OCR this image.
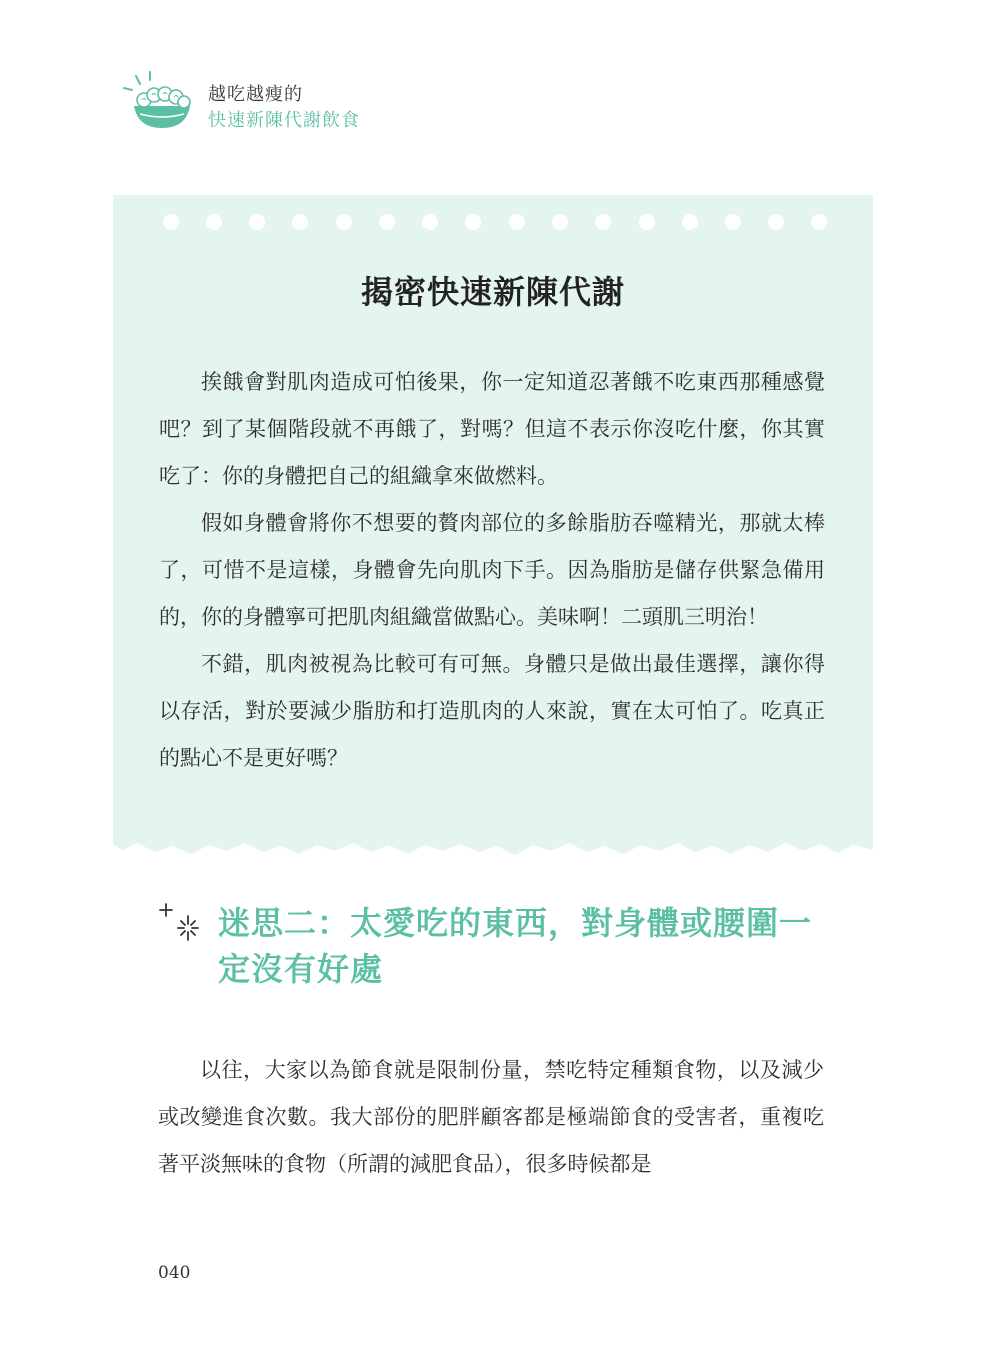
越吃越瘦的
快速新陳代謝飲食
揭密快速新陳代謝

挨餓會對肌肉造成可怕後果，你一定知道忍著餓不吃東西那種感覺吧？到了某個階段就不再餓了，對嗎？但這不表示你沒吃什麼，你其實吃了：你的身體把自己的組織拿來做燃料。

假如身體會將你不想要的贅肉部位的多餘脂肪吞噬精光，那就太棒了，可惜不是這樣，身體會先向肌肉下手。因為脂肪是儲存供緊急備用的，你的身體寧可把肌肉組織當做點心。美味啊！二頭肌三明治！

不錯，肌肉被視為比較可有可無。身體只是做出最佳選擇，讓你得以存活，對於要減少脂肪和打造肌肉的人來說，實在太可怕了。吃真正的點心不是更好嗎？

迷思二：太愛吃的東西，對身體或腰圍一定沒有好處

以往，大家以為節食就是限制份量，禁吃特定種類食物，以及減少或改變進食次數。我大部份的肥胖顧客都是極端節食的受害者，重複吃著平淡無味的食物（所謂的減肥食品），很多時候都是

040
